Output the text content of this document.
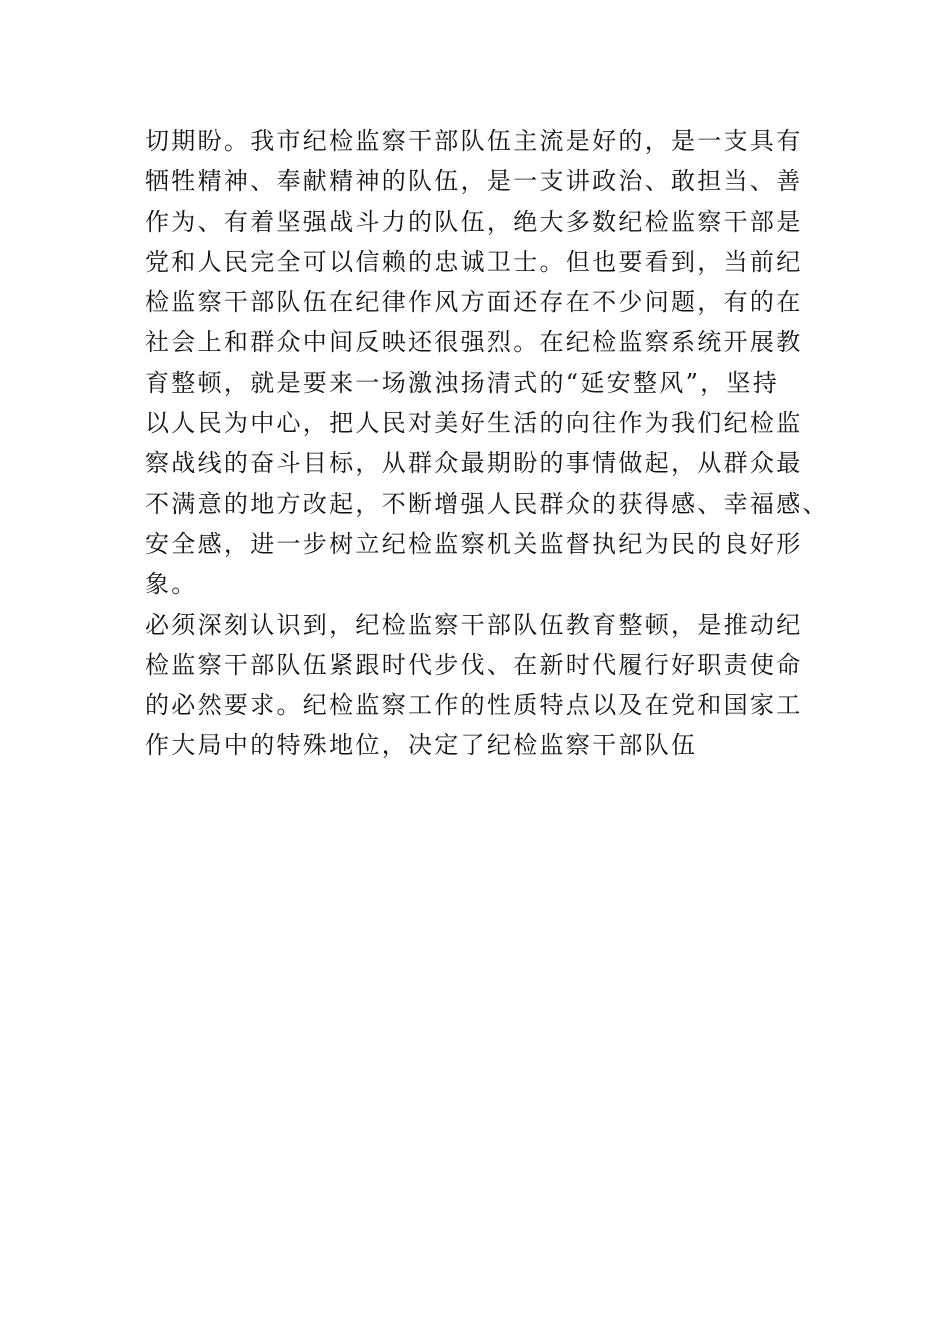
切期盼。我市纪检监察干部队伍主流是好的，是一支具有
牺牲精神、奉献精神的队伍，是一支讲政治、敢担当、善
作为、有着坚强战斗力的队伍，绝大多数纪检监察干部是
党和人民完全可以信赖的忠诚卫士。但也要看到，当前纪
检监察干部队伍在纪律作风方面还存在不少问题，有的在
社会上和群众中间反映还很强烈。在纪检监察系统开展教
育整顿，就是要来一场激浊扬清式的“延安整风”，坚持
以人民为中心，把人民对美好生活的向往作为我们纪检监
察战线的奋斗目标，从群众最期盼的事情做起，从群众最
不满意的地方改起，不断增强人民群众的获得感、幸福感、
安全感，进一步树立纪检监察机关监督执纪为民的良好形
象。
必须深刻认识到，纪检监察干部队伍教育整顿，是推动纪
检监察干部队伍紧跟时代步伐、在新时代履行好职责使命
的必然要求。纪检监察工作的性质特点以及在党和国家工
作大局中的特殊地位，决定了纪检监察干部队伍
